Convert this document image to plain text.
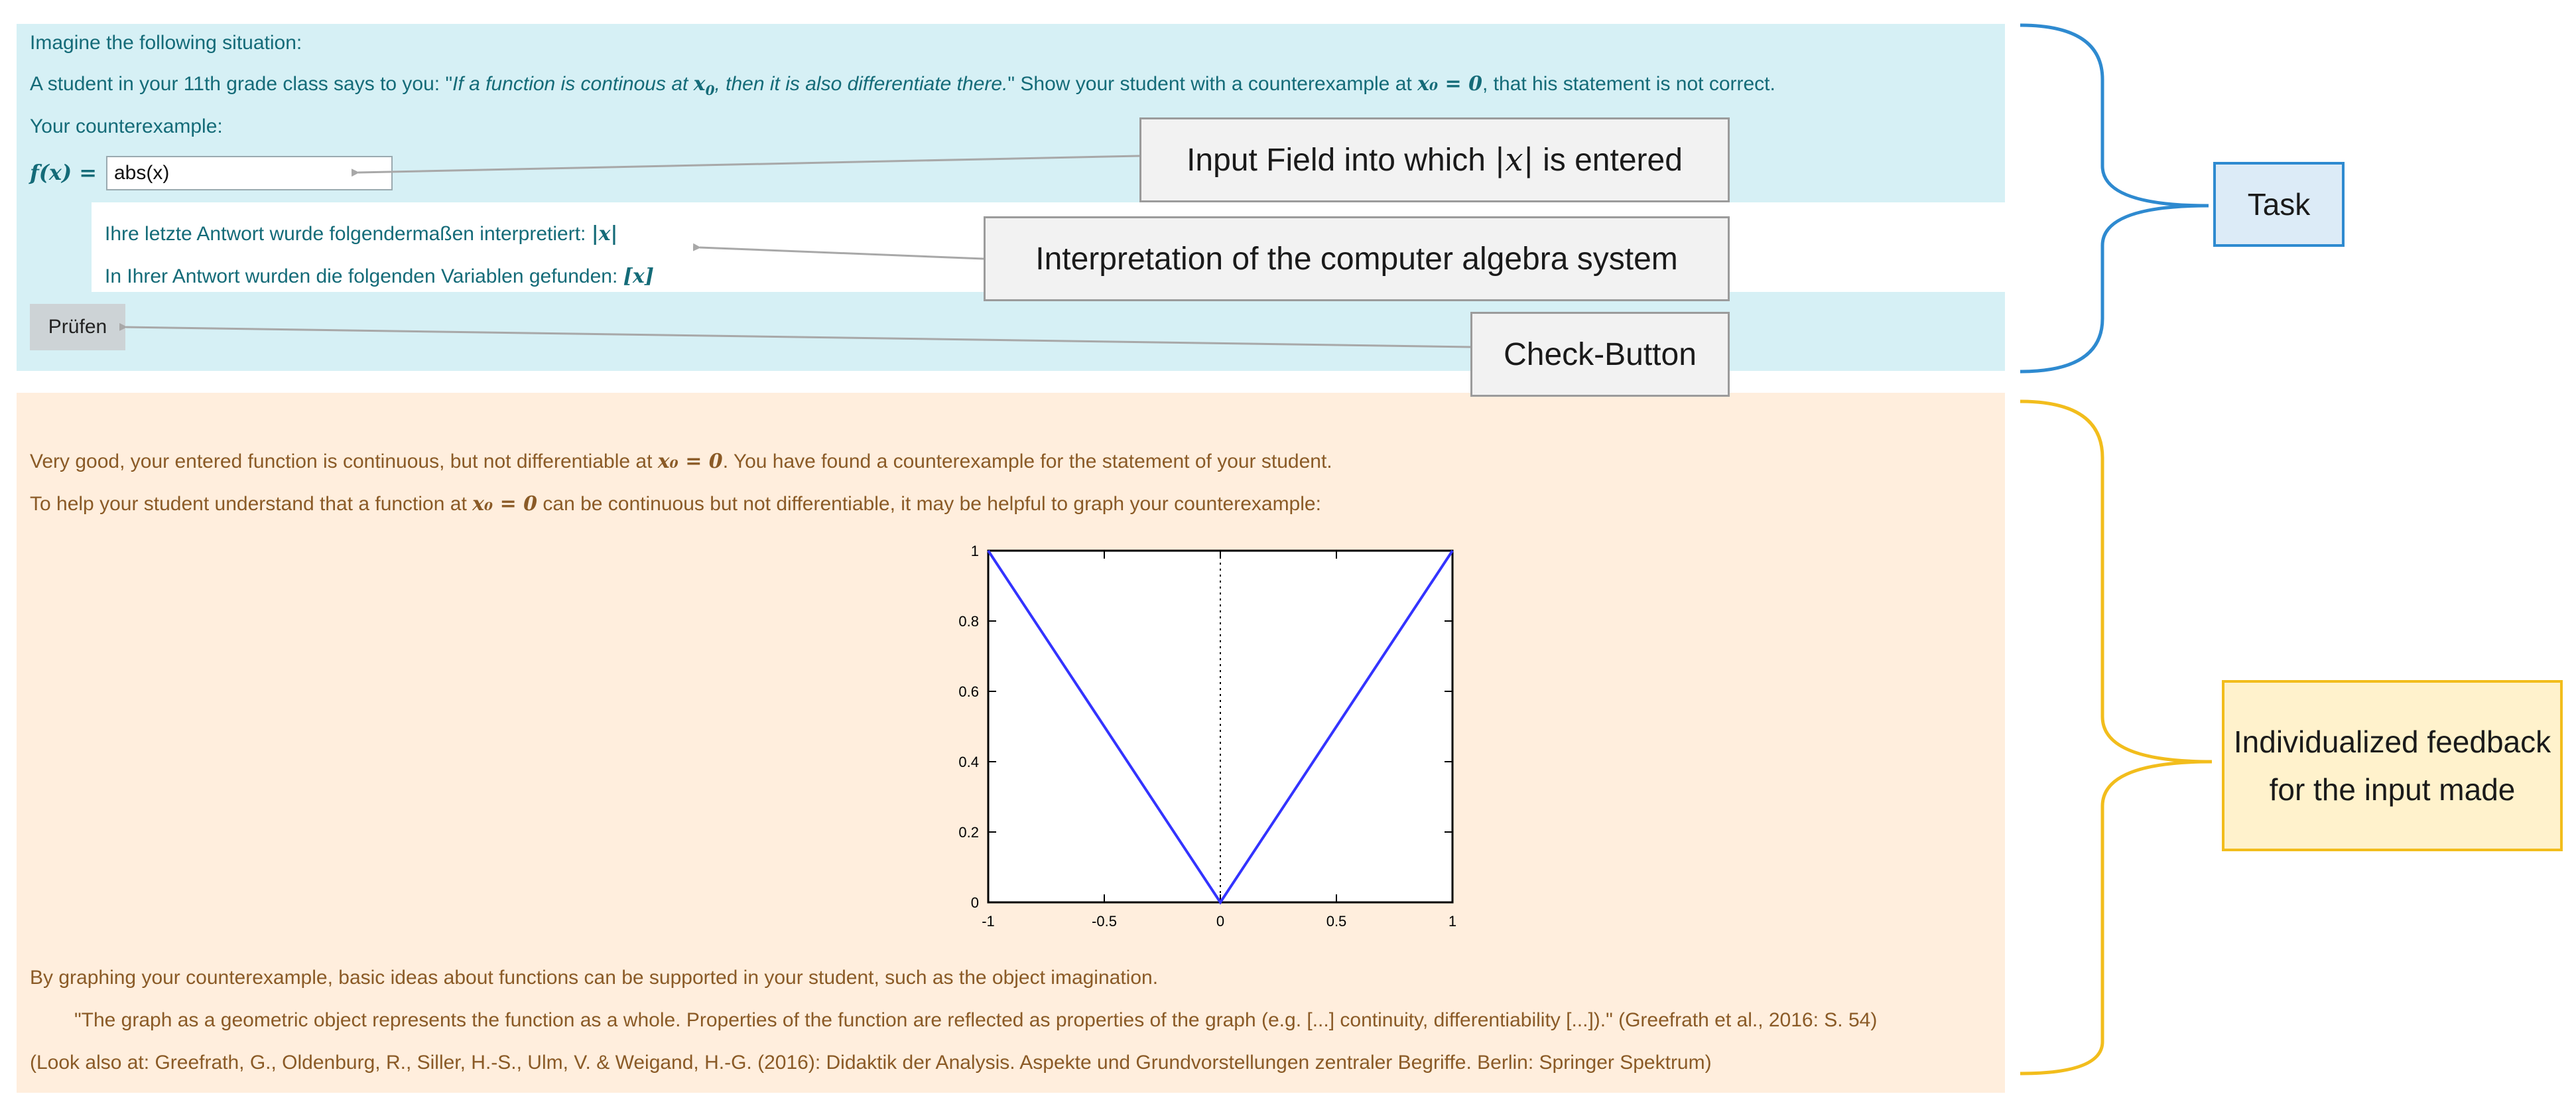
Imagine the following situation:
A student in your 11th grade class says to you: "If a function is continous at $x_0$, then it is also differentiate there." Show your student with a counterexample at x₀ = 0, that his statement is not correct.
Your counterexample:
f(x) =
abs(x)
Ihre letzte Antwort wurde folgendermaßen interpretiert: |x|
In Ihrer Antwort wurden die folgenden Variablen gefunden: [x]
Prüfen
Very good, your entered function is continuous, but not differentiable at x₀ = 0. You have found a counterexample for the statement of your student.
To help your student understand that a function at x₀ = 0 can be continuous but not differentiable, it may be helpful to graph your counterexample:
-1	-0.5	0	0.5	1
0
0.2
0.4
0.6
0.8
1
By graphing your counterexample, basic ideas about functions can be supported in your student, such as the object imagination.
"The graph as a geometric object represents the function as a whole. Properties of the function are reflected as properties of the graph (e.g. [...] continuity, differentiability [...])." (Greefrath et al., 2016: S. 54)
(Look also at: Greefrath, G., Oldenburg, R., Siller, H.-S., Ulm, V. & Weigand, H.-G. (2016): Didaktik der Analysis. Aspekte und Grundvorstellungen zentraler Begriffe. Berlin: Springer Spektrum)
Input Field into which
|x|
is entered
Interpretation of the computer algebra system
Check-Button
Task
Individualized feedback for the input made
